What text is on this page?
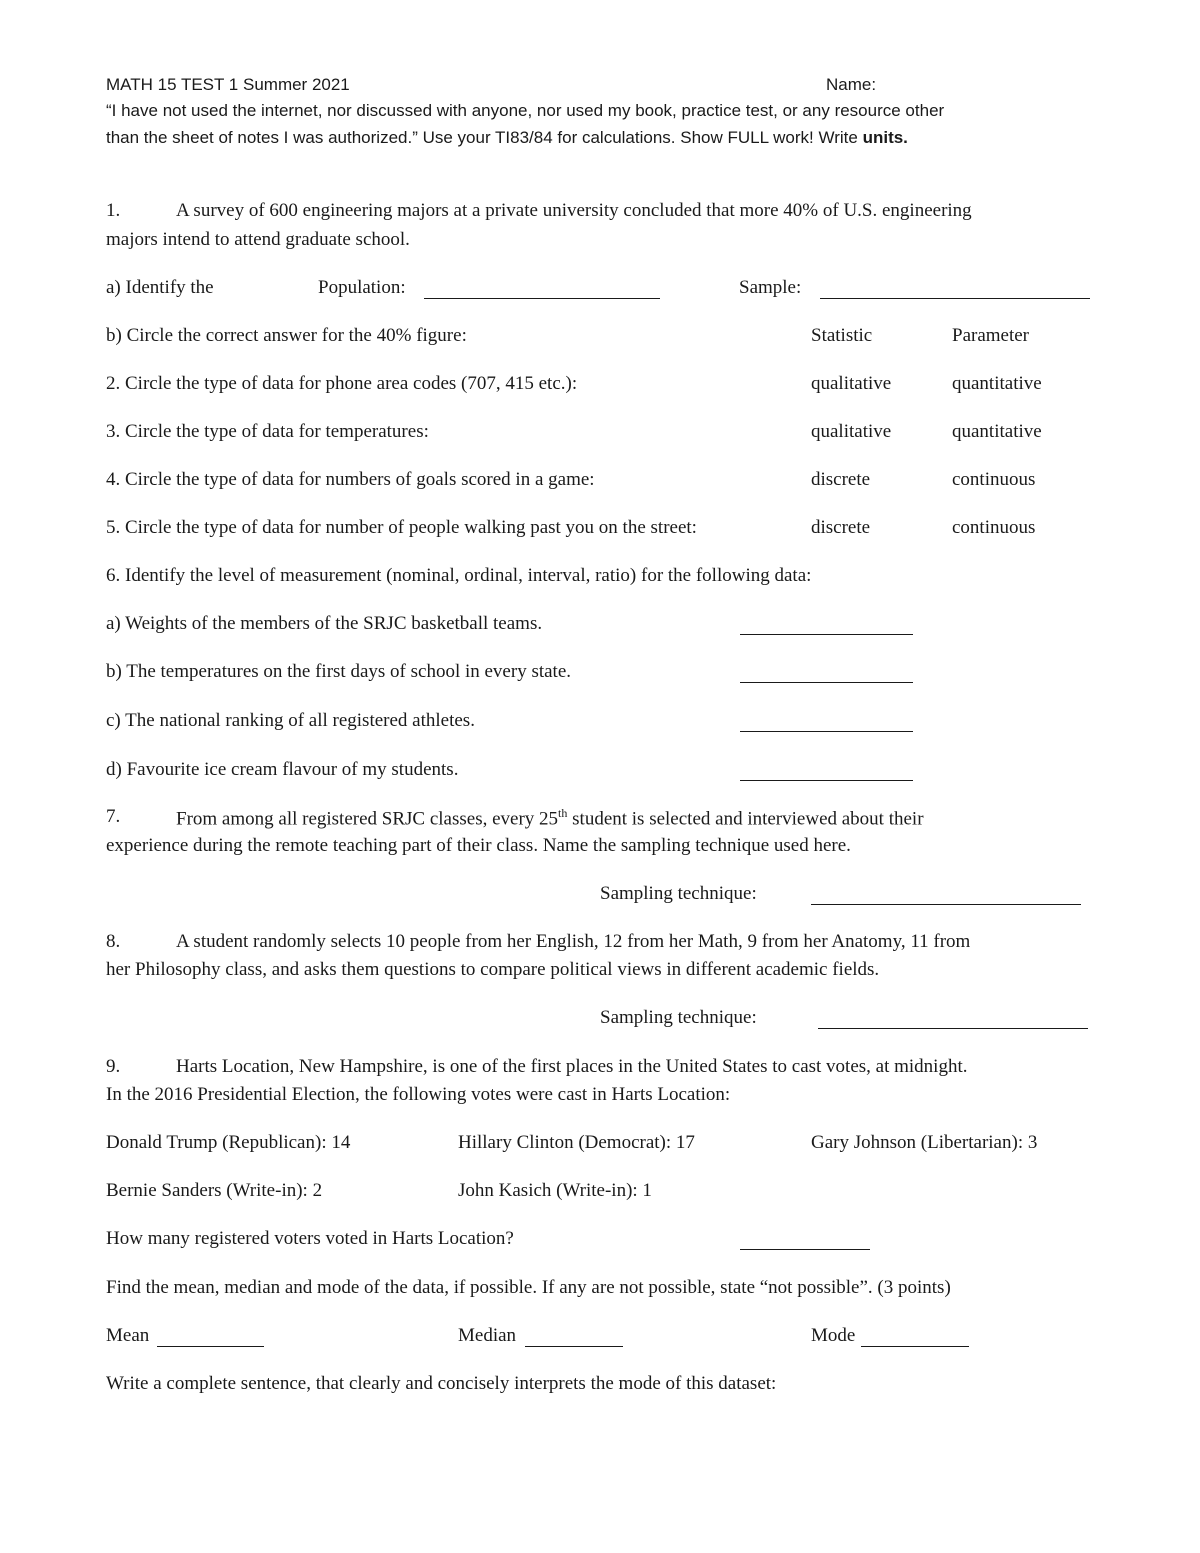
MATH 15 TEST 1 Summer 2021	Name:
“I have not used the internet, nor discussed with anyone, nor used my book, practice test, or any resource other
than the sheet of notes I was authorized.” Use your TI83/84 for calculations. Show FULL work! Write units.
1.	A survey of 600 engineering majors at a private university concluded that more 40% of U.S. engineering
majors intend to attend graduate school.
a) Identify the	Population:	Sample:
b) Circle the correct answer for the 40% figure:	Statistic	Parameter
2. Circle the type of data for phone area codes (707, 415 etc.):	qualitative	quantitative
3. Circle the type of data for temperatures:	qualitative	quantitative
4. Circle the type of data for numbers of goals scored in a game:	discrete	continuous
5. Circle the type of data for number of people walking past you on the street:	discrete	continuous
6. Identify the level of measurement (nominal, ordinal, interval, ratio) for the following data:
a) Weights of the members of the SRJC basketball teams.
b) The temperatures on the first days of school in every state.
c) The national ranking of all registered athletes.
d) Favourite ice cream flavour of my students.
7.	From among all registered SRJC classes, every 25th student is selected and interviewed about their
experience during the remote teaching part of their class. Name the sampling technique used here.
Sampling technique:
8.	A student randomly selects 10 people from her English, 12 from her Math, 9 from her Anatomy, 11 from
her Philosophy class, and asks them questions to compare political views in different academic fields.
Sampling technique:
9.	Harts Location, New Hampshire, is one of the first places in the United States to cast votes, at midnight.
In the 2016 Presidential Election, the following votes were cast in Harts Location:
Donald Trump (Republican): 14	Hillary Clinton (Democrat): 17	Gary Johnson (Libertarian): 3
Bernie Sanders (Write-in): 2	John Kasich (Write-in): 1
How many registered voters voted in Harts Location?
Find the mean, median and mode of the data, if possible. If any are not possible, state “not possible”. (3 points)
Mean	Median	Mode
Write a complete sentence, that clearly and concisely interprets the mode of this dataset:
